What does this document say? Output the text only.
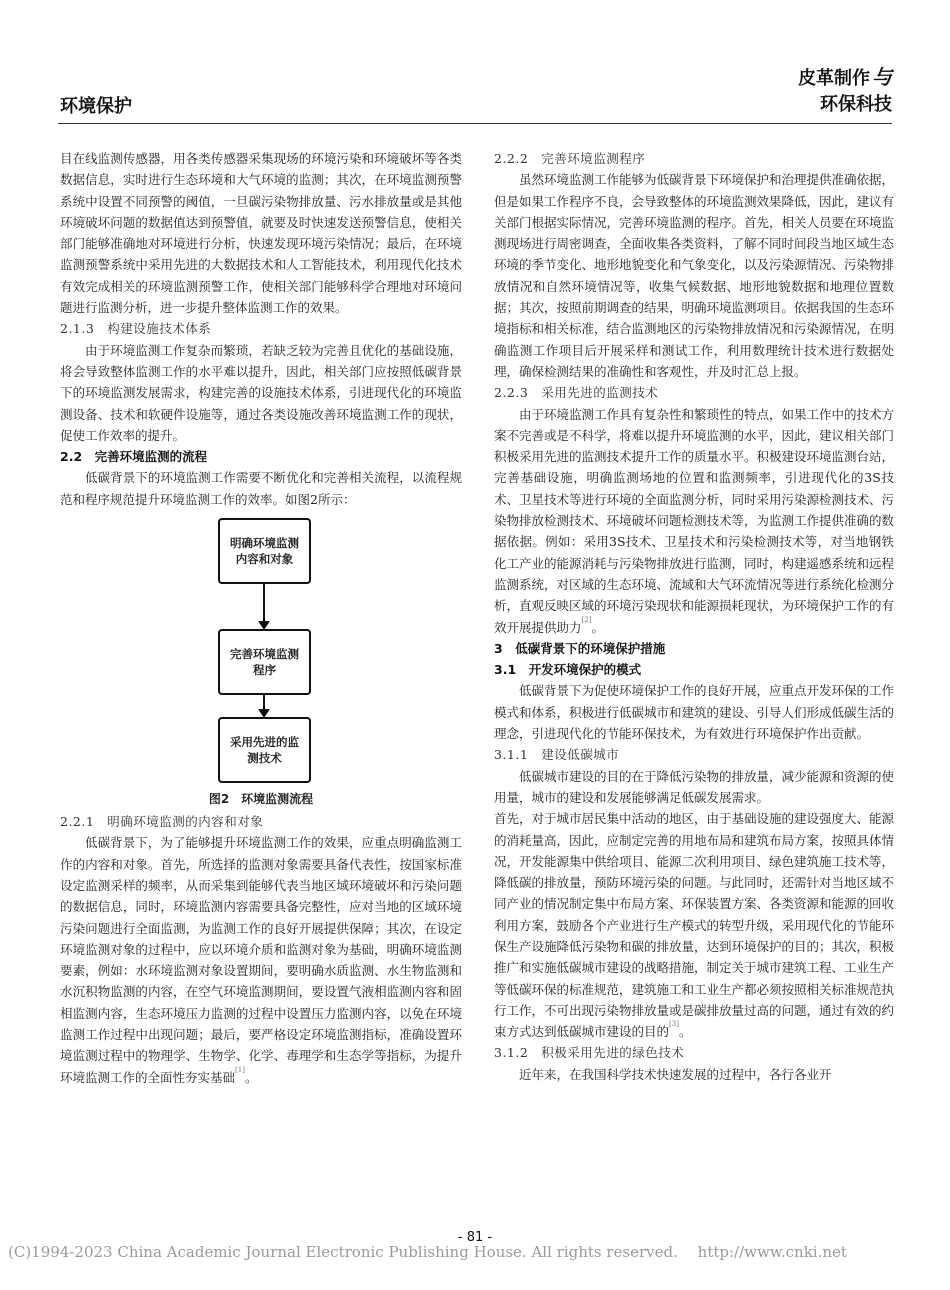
环境保护
皮革制作 与
环保科技

目在线监测传感器，用各类传感器采集现场的环境污染和环境破坏等各类数据信息，实时进行生态环境和大气环境的监测；其次，在环境监测预警系统中设置不同预警的阈值，一旦碳污染物排放量、污水排放量或是其他环境破坏问题的数据值达到预警值，就要及时快速发送预警信息，使相关部门能够准确地对环境进行分析，快速发现环境污染情况；最后，在环境监测预警系统中采用先进的大数据技术和人工智能技术，利用现代化技术有效完成相关的环境监测预警工作，使相关部门能够科学合理地对环境问题进行监测分析，进一步提升整体监测工作的效果。

2.1.3　构建设施技术体系

由于环境监测工作复杂而繁琐，若缺乏较为完善且优化的基础设施，将会导致整体监测工作的水平难以提升，因此，相关部门应按照低碳背景下的环境监测发展需求，构建完善的设施技术体系，引进现代化的环境监测设备、技术和软硬件设施等，通过各类设施改善环境监测工作的现状，促使工作效率的提升。

2.2　完善环境监测的流程

低碳背景下的环境监测工作需要不断优化和完善相关流程，以流程规范和程序规范提升环境监测工作的效率。如图2所示：

明确环境监测内容和对象
完善环境监测程序
采用先进的监测技术
图2　环境监测流程

2.2.1　明确环境监测的内容和对象

低碳背景下，为了能够提升环境监测工作的效果，应重点明确监测工作的内容和对象。首先，所选择的监测对象需要具备代表性，按国家标准设定监测采样的频率，从而采集到能够代表当地区域环境破坏和污染问题的数据信息，同时，环境监测内容需要具备完整性，应对当地的区域环境污染问题进行全面监测，为监测工作的良好开展提供保障；其次，在设定环境监测对象的过程中，应以环境介质和监测对象为基础，明确环境监测要素，例如：水环境监测对象设置期间，要明确水质监测、水生物监测和水沉积物监测的内容，在空气环境监测期间，要设置气液相监测内容和固相监测内容，生态环境压力监测的过程中设置压力监测内容，以免在环境监测工作过程中出现问题；最后，要严格设定环境监测指标，准确设置环境监测过程中的物理学、生物学、化学、毒理学和生态学等指标，为提升环境监测工作的全面性夯实基础[1]。

2.2.2　完善环境监测程序

虽然环境监测工作能够为低碳背景下环境保护和治理提供准确依据，但是如果工作程序不良，会导致整体的环境监测效果降低，因此，建议有关部门根据实际情况，完善环境监测的程序。首先，相关人员要在环境监测现场进行周密调查，全面收集各类资料，了解不同时间段当地区域生态环境的季节变化、地形地貌变化和气象变化，以及污染源情况、污染物排放情况和自然环境情况等，收集气候数据、地形地貌数据和地理位置数据；其次，按照前期调查的结果，明确环境监测项目。依据我国的生态环境指标和相关标准，结合监测地区的污染物排放情况和污染源情况，在明确监测工作项目后开展采样和测试工作，利用数理统计技术进行数据处理，确保检测结果的准确性和客观性，并及时汇总上报。

2.2.3　采用先进的监测技术

由于环境监测工作具有复杂性和繁琐性的特点，如果工作中的技术方案不完善或是不科学，将难以提升环境监测的水平，因此，建议相关部门积极采用先进的监测技术提升工作的质量水平。积极建设环境监测台站，完善基础设施，明确监测场地的位置和监测频率，引进现代化的3S技术、卫星技术等进行环境的全面监测分析，同时采用污染源检测技术、污染物排放检测技术、环境破坏问题检测技术等，为监测工作提供准确的数据依据。例如：采用3S技术、卫星技术和污染检测技术等，对当地钢铁化工产业的能源消耗与污染物排放进行监测，同时，构建遥感系统和远程监测系统，对区域的生态环境、流域和大气环流情况等进行系统化检测分析，直观反映区域的环境污染现状和能源损耗现状，为环境保护工作的有效开展提供助力[2]。

3　低碳背景下的环境保护措施

3.1　开发环境保护的模式

低碳背景下为促使环境保护工作的良好开展，应重点开发环保的工作模式和体系，积极进行低碳城市和建筑的建设、引导人们形成低碳生活的理念，引进现代化的节能环保技术，为有效进行环境保护作出贡献。

3.1.1　建设低碳城市

低碳城市建设的目的在于降低污染物的排放量，减少能源和资源的使用量，城市的建设和发展能够满足低碳发展需求。

首先，对于城市居民集中活动的地区，由于基础设施的建设强度大、能源的消耗量高，因此，应制定完善的用地布局和建筑布局方案，按照具体情况，开发能源集中供给项目、能源二次利用项目、绿色建筑施工技术等，降低碳的排放量，预防环境污染的问题。与此同时，还需针对当地区域不同产业的情况制定集中布局方案、环保装置方案、各类资源和能源的回收利用方案，鼓励各个产业进行生产模式的转型升级，采用现代化的节能环保生产设施降低污染物和碳的排放量，达到环境保护的目的；其次，积极推广和实施低碳城市建设的战略措施，制定关于城市建筑工程、工业生产等低碳环保的标准规范，建筑施工和工业生产都必须按照相关标准规范执行工作，不可出现污染物排放量或是碳排放量过高的问题，通过有效的约束方式达到低碳城市建设的目的[3]。

3.1.2　积极采用先进的绿色技术

近年来，在我国科学技术快速发展的过程中，各行各业开

- 81 -
(C)1994-2023 China Academic Journal Electronic Publishing House. All rights reserved.　 http://www.cnki.net
